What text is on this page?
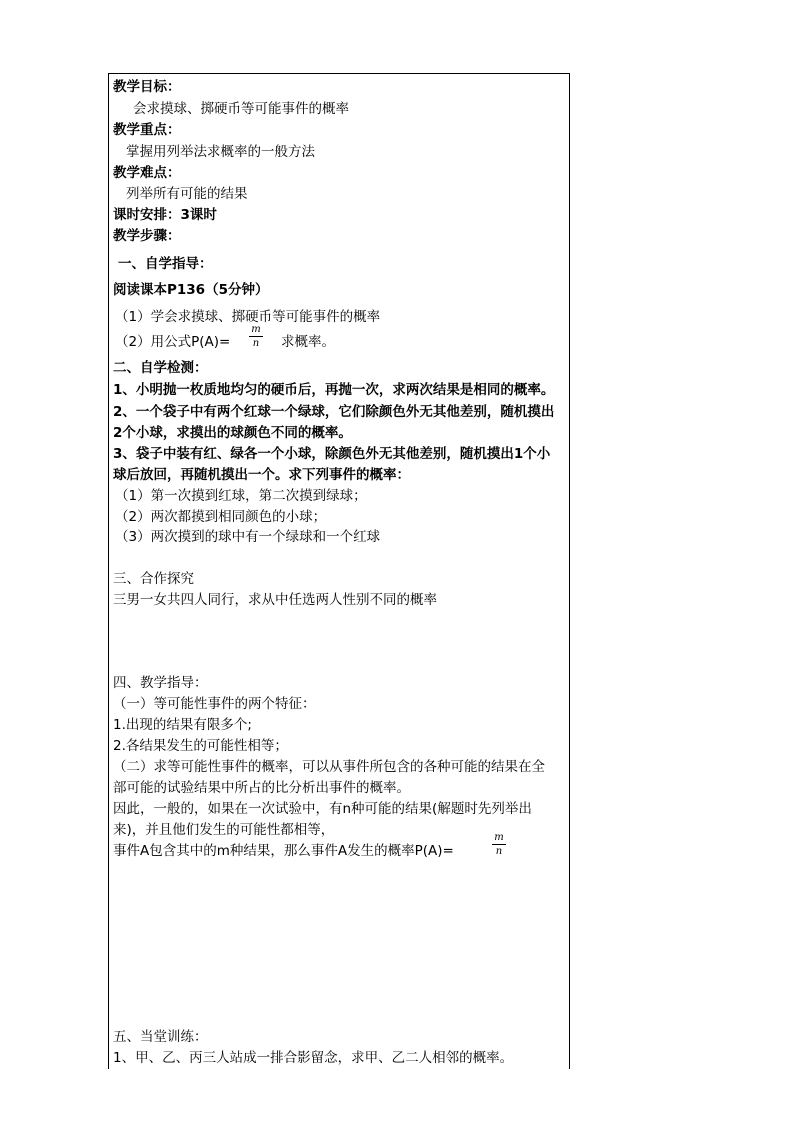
教学目标：
会求摸球、掷硬币等可能事件的概率
教学重点：
掌握用列举法求概率的一般方法
教学难点：
列举所有可能的结果
课时安排：3课时
教学步骤：
一、自学指导：
阅读课本P136（5分钟）
（1）学会求摸球、掷硬币等可能事件的概率
（2）用公式P(A)=
m
n 求概率。
二、自学检测：
1、小明抛一枚质地均匀的硬币后，再抛一次，求两次结果是相同的概率。
2、一个袋子中有两个红球一个绿球，它们除颜色外无其他差别，随机摸出
2个小球，求摸出的球颜色不同的概率。
3、袋子中装有红、绿各一个小球，除颜色外无其他差别，随机摸出1个小
球后放回，再随机摸出一个。求下列事件的概率：
（1）第一次摸到红球，第二次摸到绿球；
（2）两次都摸到相同颜色的小球；
（3）两次摸到的球中有一个绿球和一个红球
三、合作探究
三男一女共四人同行，求从中任选两人性别不同的概率
四、教学指导：
（一）等可能性事件的两个特征：
1.出现的结果有限多个;
2.各结果发生的可能性相等；
（二）求等可能性事件的概率，可以从事件所包含的各种可能的结果在全
部可能的试验结果中所占的比分析出事件的概率。
因此，一般的，如果在一次试验中，有n种可能的结果(解题时先列举出
来)，并且他们发生的可能性都相等，
事件A包含其中的m种结果，那么事件A发生的概率P(A)=
m
n
五、当堂训练：
1、甲、乙、丙三人站成一排合影留念，求甲、乙二人相邻的概率。
